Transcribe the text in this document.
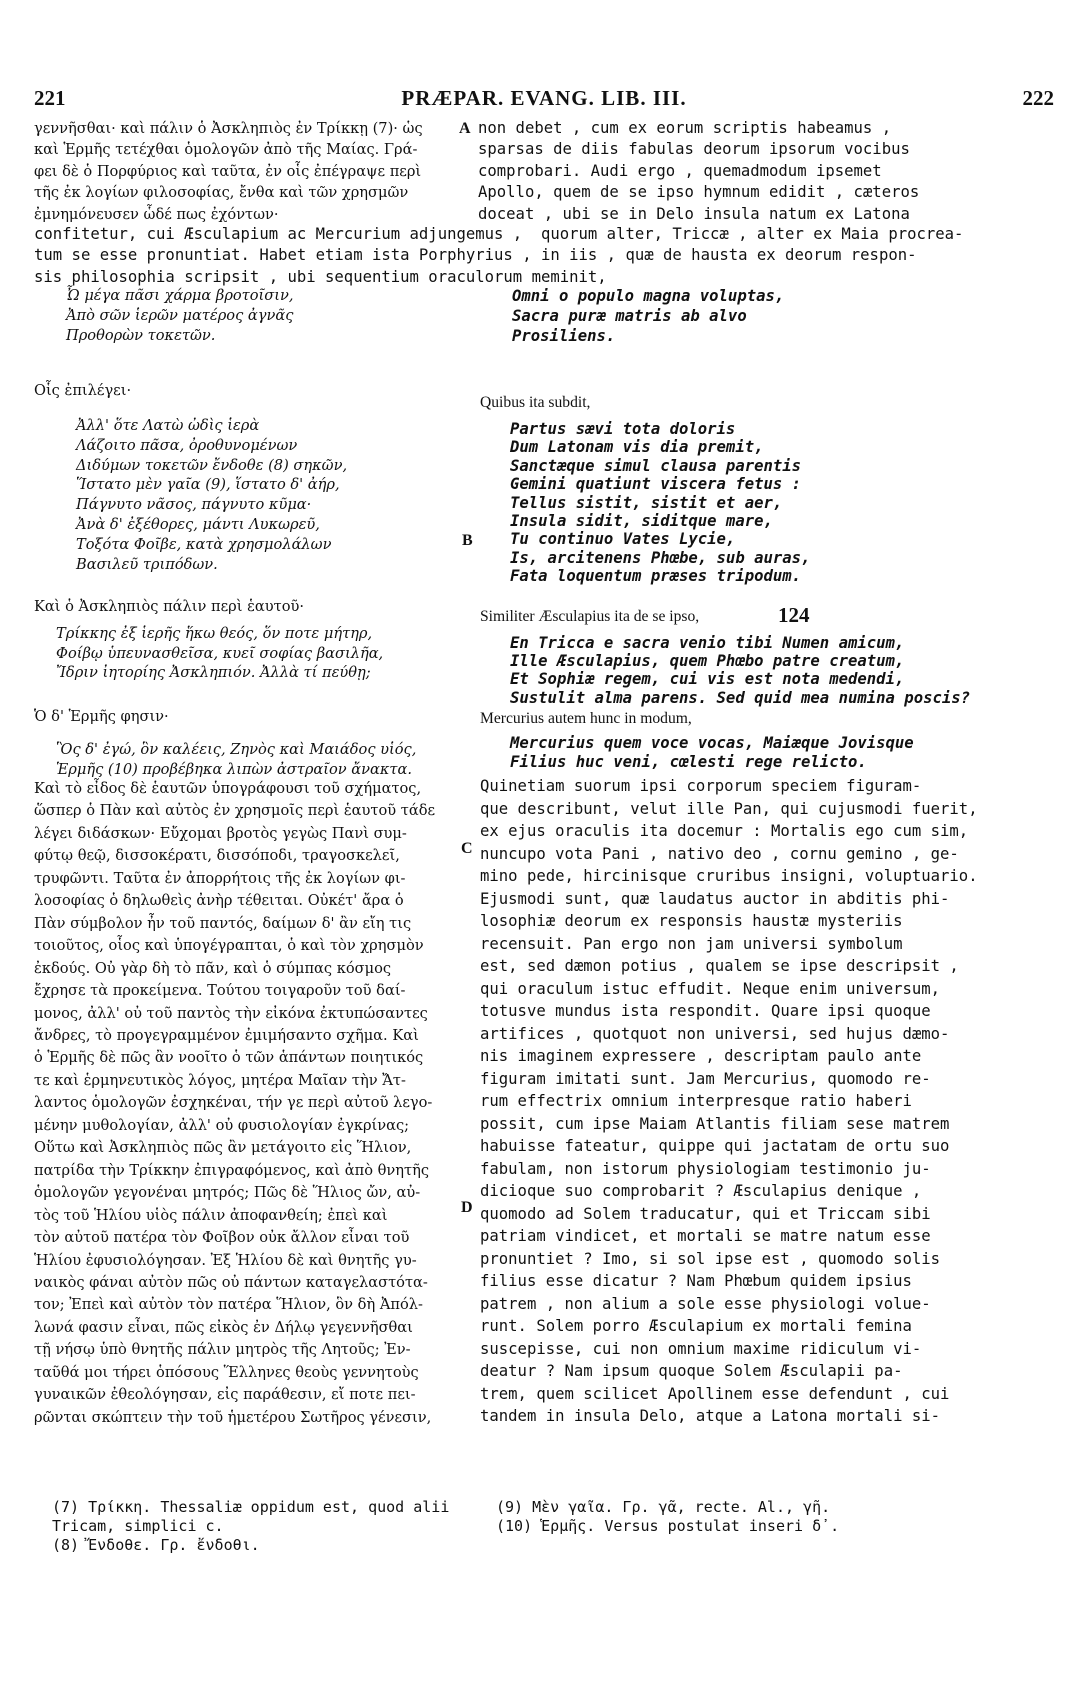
221	PRÆPAR. EVANG. LIB. III.	222
γεννῆσθαι· καὶ πάλιν ὁ Ἀσκληπιὸς ἐν Τρίκκῃ (7)· ὡς
καὶ Ἑρμῆς τετέχθαι ὁμολογῶν ἀπὸ τῆς Μαίας. Γρά-
φει δὲ ὁ Πορφύριος καὶ ταῦτα, ἐν οἷς ἐπέγραψε περὶ
τῆς ἐκ λογίων φιλοσοφίας, ἔνθα καὶ τῶν χρησμῶν
ἐμνημόνευσεν ὧδέ πως ἐχόντων·
non debet , cum ex eorum scriptis habeamus ,
sparsas de diis fabulas deorum ipsorum vocibus
comprobari. Audi ergo , quemadmodum ipsemet
Apollo, quem de se ipso hymnum edidit , cæteros
doceat , ubi se in Delo insula natum ex Latona
confitetur, cui Æsculapium ac Mercurium adjungemus ,  quorum alter, Triccæ , alter ex Maia procrea-
tum se esse pronuntiat. Habet etiam ista Porphyrius , in iis , quæ de hausta ex deorum respon-
sis philosophia scripsit , ubi sequentium oraculorum meminit,
Ὦ μέγα πᾶσι χάρμα βροτοῖσιν,
Ἀπὸ σῶν ἱερῶν ματέρος ἀγνᾶς
Προθορὼν τοκετῶν.
Omni o populo magna voluptas,
Sacra puræ matris ab alvo
Prosiliens.
Οἷς ἐπιλέγει·
Quibus ita subdit,
Ἀλλ' ὅτε Λατὼ ὠδὶς ἱερὰ
Λάζοιτο πᾶσα, ὀροθυνομένων
Διδύμων τοκετῶν ἔνδοθε (8) σηκῶν,
Ἵστατο μὲν γαῖα (9), ἵστατο δ' ἀήρ,
Πάγνυτο νᾶσος, πάγνυτο κῦμα·
Ἀνὰ δ' ἐξέθορες, μάντι Λυκωρεῦ,
Τοξότα Φοῖβε, κατὰ χρησμολάλων
Βασιλεῦ τριπόδων.
Partus sævi tota doloris
Dum Latonam vis dia premit,
Sanctæque simul clausa parentis
Gemini quatiunt viscera fetus :
Tellus sistit, sistit et aer,
Insula sidit, siditque mare,
Tu continuo Vates Lycie,
Is, arcitenens Phœbe, sub auras,
Fata loquentum præses tripodum.
Καὶ ὁ Ἀσκληπιὸς πάλιν περὶ ἑαυτοῦ·
Similiter Æsculapius ita de se ipso,	124
Τρίκκης ἐξ ἱερῆς ἥκω θεός, ὅν ποτε μήτηρ,
Φοίβῳ ὑπευνασθεῖσα, κυεῖ σοφίας βασιλῆα,
Ἴδριν ἰητορίης Ἀσκληπιόν. Ἀλλὰ τί πεύθῃ;
En Tricca e sacra venio tibi Numen amicum,
Ille Æsculapius, quem Phœbo patre creatum,
Et Sophiæ regem, cui vis est nota medendi,
Sustulit alma parens. Sed quid mea numina poscis?
Ὁ δ' Ἑρμῆς φησιν·	Mercurius autem hunc in modum,
Ὃς δ' ἐγώ, ὃν καλέεις, Ζηνὸς καὶ Μαιάδος υἱός,
Ἑρμῆς (10) προβέβηκα λιπὼν ἀστραῖον ἄνακτα.
Mercurius quem voce vocas, Maiæque Jovisque
Filius huc veni, cœlesti rege relicto.
Καὶ τὸ εἶδος δὲ ἑαυτῶν ὑπογράφουσι τοῦ σχήματος,
ὥσπερ ὁ Πὰν καὶ αὐτὸς ἐν χρησμοῖς περὶ ἑαυτοῦ τάδε
λέγει διδάσκων· Εὔχομαι βροτὸς γεγὼς Πανὶ συμ-
φύτῳ θεῷ, δισσοκέρατι, δισσόποδι, τραγοσκελεῖ,
τρυφῶντι. Ταῦτα ἐν ἀπορρήτοις τῆς ἐκ λογίων φι-
λοσοφίας ὁ δηλωθεὶς ἀνὴρ τέθειται. Οὐκέτ' ἄρα ὁ
Πὰν σύμβολον ἦν τοῦ παντός, δαίμων δ' ἂν εἴη τις
τοιοῦτος, οἷος καὶ ὑπογέγραπται, ὁ καὶ τὸν χρησμὸν
ἐκδούς. Οὐ γὰρ δὴ τὸ πᾶν, καὶ ὁ σύμπας κόσμος
ἔχρησε τὰ προκείμενα. Τούτου τοιγαροῦν τοῦ δαί-
μονος, ἀλλ' οὐ τοῦ παντὸς τὴν εἰκόνα ἐκτυπώσαντες
ἄνδρες, τὸ προγεγραμμένον ἐμιμήσαντο σχῆμα. Καὶ
ὁ Ἑρμῆς δὲ πῶς ἂν νοοῖτο ὁ τῶν ἁπάντων ποιητικός
τε καὶ ἑρμηνευτικὸς λόγος, μητέρα Μαῖαν τὴν Ἄτ-
λαντος ὁμολογῶν ἐσχηκέναι, τήν γε περὶ αὐτοῦ λεγο-
μένην μυθολογίαν, ἀλλ' οὐ φυσιολογίαν ἐγκρίνας;
Οὕτω καὶ Ἀσκληπιὸς πῶς ἂν μετάγοιτο εἰς Ἥλιον,
πατρίδα τὴν Τρίκκην ἐπιγραφόμενος, καὶ ἀπὸ θνητῆς
ὁμολογῶν γεγονέναι μητρός; Πῶς δὲ Ἥλιος ὤν, αὐ-
τὸς τοῦ Ἡλίου υἱὸς πάλιν ἀποφανθείη; ἐπεὶ καὶ
τὸν αὐτοῦ πατέρα τὸν Φοῖβον οὐκ ἄλλον εἶναι τοῦ
Ἡλίου ἐφυσιολόγησαν. Ἐξ Ἡλίου δὲ καὶ θνητῆς γυ-
ναικὸς φάναι αὐτὸν πῶς οὐ πάντων καταγελαστότα-
τον; Ἐπεὶ καὶ αὐτὸν τὸν πατέρα Ἥλιον, ὃν δὴ Ἀπόλ-
λωνά φασιν εἶναι, πῶς εἰκὸς ἐν Δήλῳ γεγεννῆσθαι
τῇ νήσῳ ὑπὸ θνητῆς πάλιν μητρὸς τῆς Λητοῦς; Ἐν-
ταῦθά μοι τήρει ὁπόσους Ἕλληνες θεοὺς γεννητοὺς
γυναικῶν ἐθεολόγησαν, εἰς παράθεσιν, εἴ ποτε πει-
ρῶνται σκώπτειν τὴν τοῦ ἡμετέρου Σωτῆρος γένεσιν,
Quinetiam suorum ipsi corporum speciem figuram-
que describunt, velut ille Pan, qui cujusmodi fuerit,
ex ejus oraculis ita docemur : Mortalis ego cum sim,
nuncupo vota Pani , nativo deo , cornu gemino , ge-
mino pede, hircinisque cruribus insigni, voluptuario.
Ejusmodi sunt, quæ laudatus auctor in abditis phi-
losophiæ deorum ex responsis haustæ mysteriis
recensuit. Pan ergo non jam universi symbolum
est, sed dæmon potius , qualem se ipse descripsit ,
qui oraculum istuc effudit. Neque enim universum,
totusve mundus ista respondit. Quare ipsi quoque
artifices , quotquot non universi, sed hujus dæmo-
nis imaginem expressere , descriptam paulo ante
figuram imitati sunt. Jam Mercurius, quomodo re-
rum effectrix omnium interpresque ratio haberi
possit, cum ipse Maiam Atlantis filiam sese matrem
habuisse fateatur, quippe qui jactatam de ortu suo
fabulam, non istorum physiologiam testimonio ju-
dicioque suo comprobarit ? Æsculapius denique ,
quomodo ad Solem traducatur, qui et Triccam sibi
patriam vindicet, et mortali se matre natum esse
pronuntiet ? Imo, si sol ipse est , quomodo solis
filius esse dicatur ? Nam Phœbum quidem ipsius
patrem , non alium a sole esse physiologi volue-
runt. Solem porro Æsculapium ex mortali femina
suscepisse, cui non omnium maxime ridiculum vi-
deatur ? Nam ipsum quoque Solem Æsculapii pa-
trem, quem scilicet Apollinem esse defendunt , cui
tandem in insula Delo, atque a Latona mortali si-
A
B
C
D
(7) Τρίκκη. Thessaliæ oppidum est, quod alii
Tricam, simplici c.
(8) Ἔνδοθε. Γρ. ἔνδοθι.
(9) Μὲν γαῖα. Γρ. γᾶ, recte. Al., γῆ.
(10) Ἑρμῆς. Versus postulat inseri δ᾽.
